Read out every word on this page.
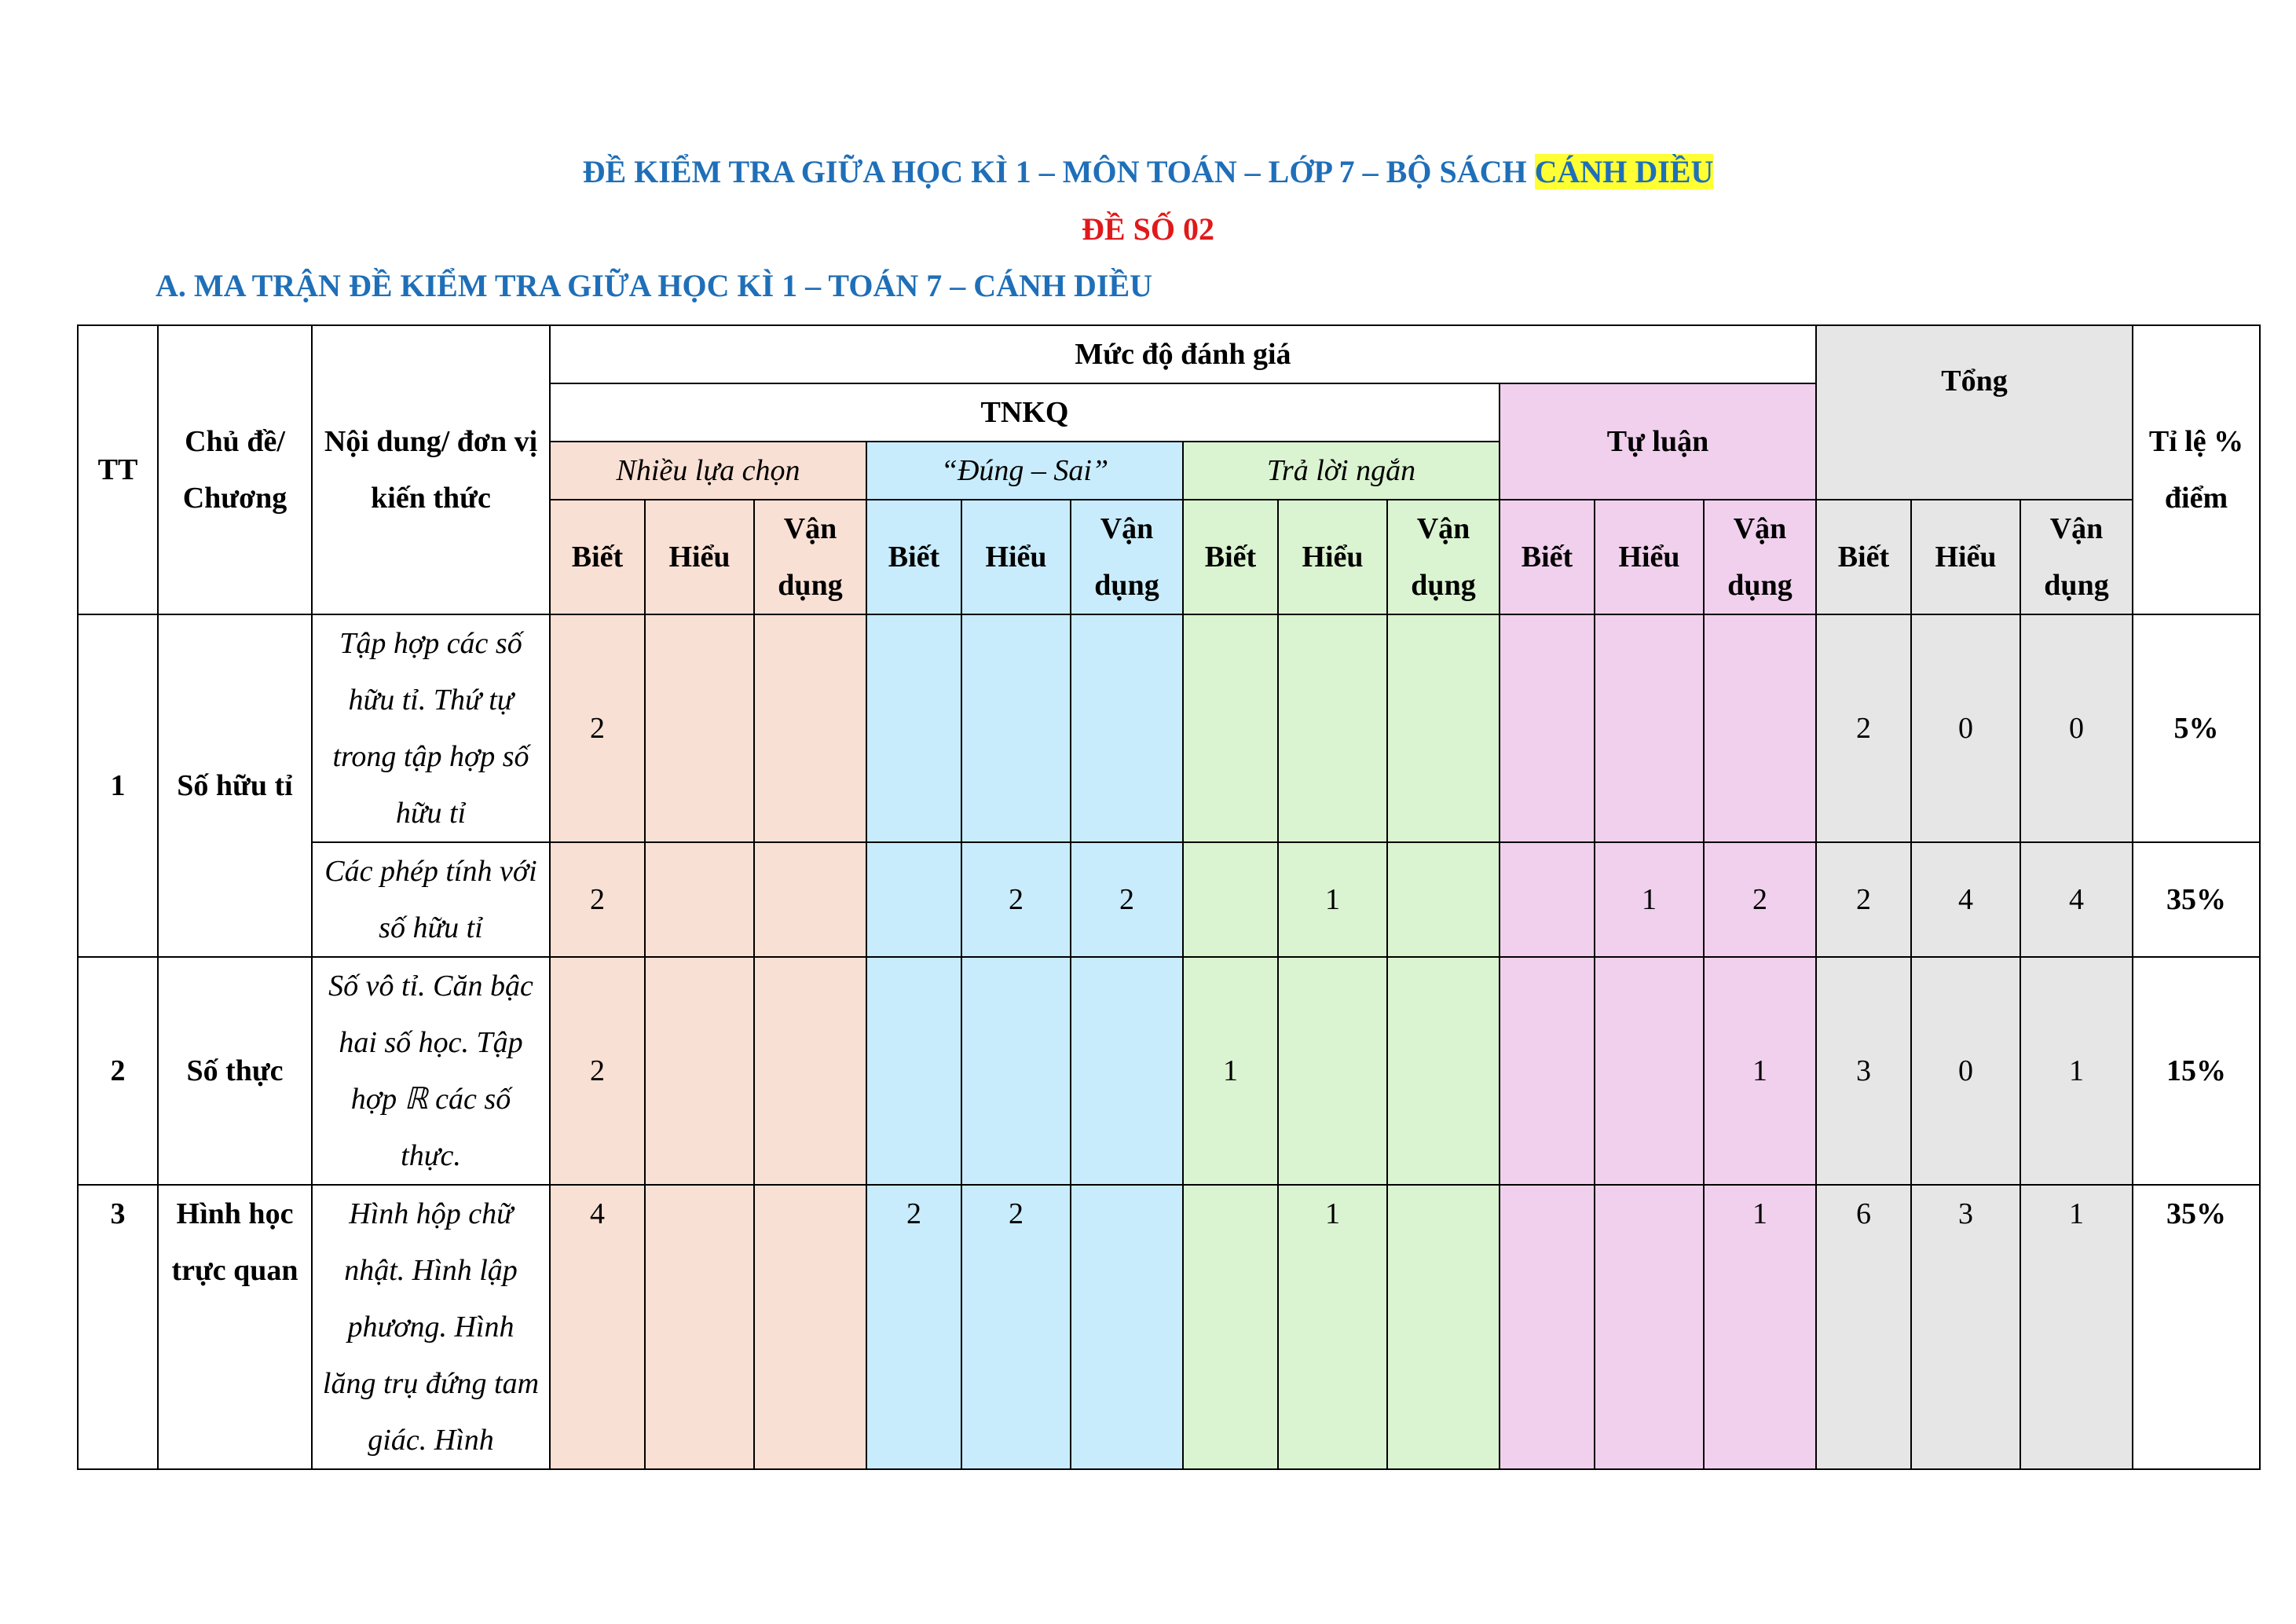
ĐỀ KIỂM TRA GIỮA HỌC KÌ 1 – MÔN TOÁN – LỚP 7 – BỘ SÁCH CÁNH DIỀU
ĐỀ SỐ 02
A. MA TRẬN ĐỀ KIỂM TRA GIỮA HỌC KÌ 1 – TOÁN 7 – CÁNH DIỀU
TT	Chủ đề/ Chương	Nội dung/ đơn vị kiến thức	Mức độ đánh giá												Tổng			Tỉ lệ % điểm
			TNKQ									Tự luận						
			Nhiều lựa chọn			“Đúng – Sai”			Trả lời ngắn									
			Biết	Hiểu	Vận dụng	Biết	Hiểu	Vận dụng	Biết	Hiểu	Vận dụng	Biết	Hiểu	Vận dụng	Biết	Hiểu	Vận dụng	
1	Số hữu tỉ	Tập hợp các số hữu tỉ. Thứ tự trong tập hợp số hữu tỉ	2												2	0	0	5%
		Các phép tính với số hữu tỉ	2				2	2		1			1	2	2	4	4	35%
2	Số thực	Số vô tỉ. Căn bậc hai số học. Tập hợp ℝ các số thực.	2						1					1	3	0	1	15%
3	Hình học trực quan	Hình hộp chữ nhật. Hình lập phương. Hình lăng trụ đứng tam giác. Hình	4			2	2			1				1	6	3	1	35%
